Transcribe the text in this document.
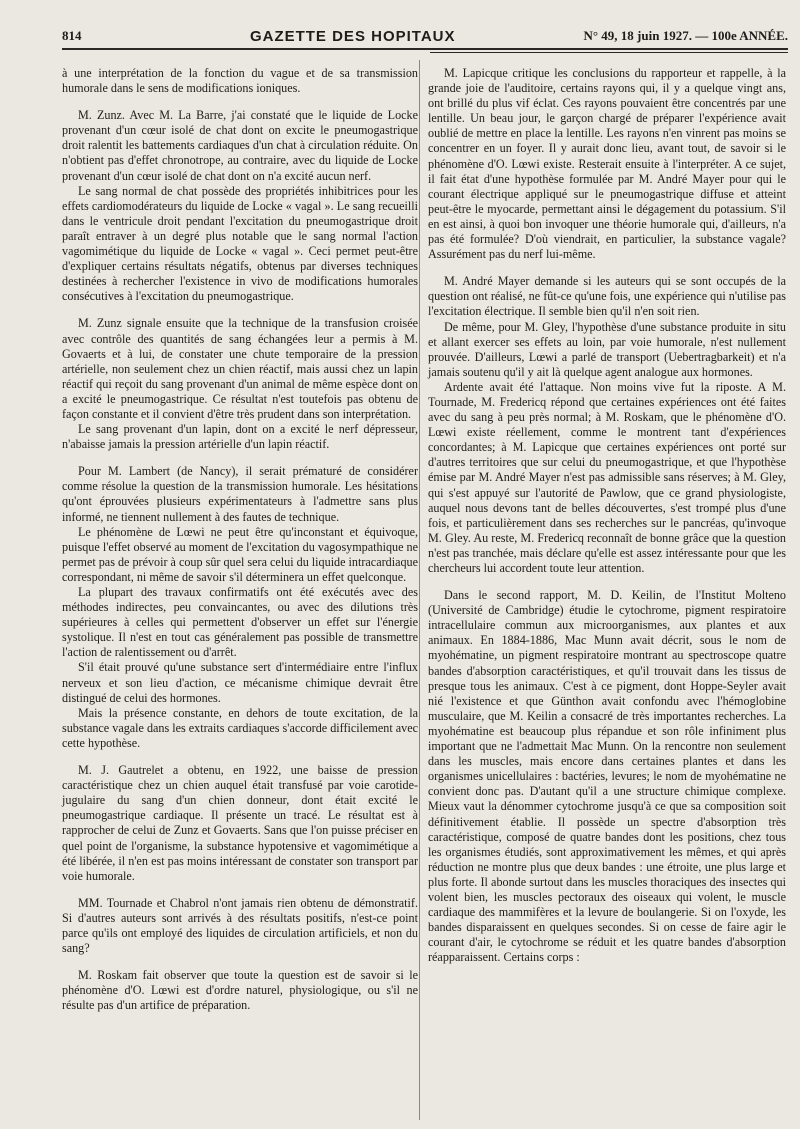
814	GAZETTE DES HOPITAUX	N° 49, 18 juin 1927. — 100e ANNÉE.

à une interprétation de la fonction du vague et de sa transmission humorale dans le sens de modifications ioniques.

M. Zunz. Avec M. La Barre, j'ai constaté que le liquide de Locke provenant d'un cœur isolé de chat dont on excite le pneumogastrique droit ralentit les battements cardiaques d'un chat à circulation réduite. On n'obtient pas d'effet chronotrope, au contraire, avec du liquide de Locke provenant d'un cœur isolé de chat dont on n'a excité aucun nerf.

Le sang normal de chat possède des propriétés inhibitrices pour les effets cardiomodérateurs du liquide de Locke « vagal ». Le sang recueilli dans le ventricule droit pendant l'excitation du pneumogastrique droit paraît entraver à un degré plus notable que le sang normal l'action vagomimétique du liquide de Locke « vagal ». Ceci permet peut-être d'expliquer certains résultats négatifs, obtenus par diverses techniques destinées à rechercher l'existence in vivo de modifications humorales consécutives à l'excitation du pneumogastrique.

M. Zunz signale ensuite que la technique de la transfusion croisée avec contrôle des quantités de sang échangées leur a permis à M. Govaerts et à lui, de constater une chute temporaire de la pression artérielle, non seulement chez un chien réactif, mais aussi chez un lapin réactif qui reçoit du sang provenant d'un animal de même espèce dont on a excité le pneumogastrique. Ce résultat n'est toutefois pas obtenu de façon constante et il convient d'être très prudent dans son interprétation.

Le sang provenant d'un lapin, dont on a excité le nerf dépresseur, n'abaisse jamais la pression artérielle d'un lapin réactif.

Pour M. Lambert (de Nancy), il serait prématuré de considérer comme résolue la question de la transmission humorale. Les hésitations qu'ont éprouvées plusieurs expérimentateurs à l'admettre sans plus informé, ne tiennent nullement à des fautes de technique.

Le phénomène de Lœwi ne peut être qu'inconstant et équivoque, puisque l'effet observé au moment de l'excitation du vagosympathique ne permet pas de prévoir à coup sûr quel sera celui du liquide intracardiaque correspondant, ni même de savoir s'il déterminera un effet quelconque.

La plupart des travaux confirmatifs ont été exécutés avec des méthodes indirectes, peu convaincantes, ou avec des dilutions très supérieures à celles qui permettent d'observer un effet sur l'énergie systolique. Il n'est en tout cas généralement pas possible de transmettre l'action de ralentissement ou d'arrêt.

S'il était prouvé qu'une substance sert d'intermédiaire entre l'influx nerveux et son lieu d'action, ce mécanisme chimique devrait être distingué de celui des hormones.

Mais la présence constante, en dehors de toute excitation, de la substance vagale dans les extraits cardiaques s'accorde difficilement avec cette hypothèse.

M. J. Gautrelet a obtenu, en 1922, une baisse de pression caractéristique chez un chien auquel était transfusé par voie carotide-jugulaire du sang d'un chien donneur, dont était excité le pneumogastrique cardiaque. Il présente un tracé. Le résultat est à rapprocher de celui de Zunz et Govaerts. Sans que l'on puisse préciser en quel point de l'organisme, la substance hypotensive et vagomimétique a été libérée, il n'en est pas moins intéressant de constater son transport par voie humorale.

MM. Tournade et Chabrol n'ont jamais rien obtenu de démonstratif. Si d'autres auteurs sont arrivés à des résultats positifs, n'est-ce point parce qu'ils ont employé des liquides de circulation artificiels, et non du sang?

M. Roskam fait observer que toute la question est de savoir si le phénomène d'O. Lœwi est d'ordre naturel, physiologique, ou s'il ne résulte pas d'un artifice de préparation.

M. Lapicque critique les conclusions du rapporteur et rappelle, à la grande joie de l'auditoire, certains rayons qui, il y a quelque vingt ans, ont brillé du plus vif éclat. Ces rayons pouvaient être concentrés par une lentille. Un beau jour, le garçon chargé de préparer l'expérience avait oublié de mettre en place la lentille. Les rayons n'en vinrent pas moins se concentrer en un foyer. Il y aurait donc lieu, avant tout, de savoir si le phénomène d'O. Lœwi existe. Resterait ensuite à l'interpréter. A ce sujet, il fait état d'une hypothèse formulée par M. André Mayer pour qui le courant électrique appliqué sur le pneumogastrique diffuse et atteint peut-être le myocarde, permettant ainsi le dégagement du potassium. S'il en est ainsi, à quoi bon invoquer une théorie humorale qui, d'ailleurs, n'a pas été formulée? D'où viendrait, en particulier, la substance vagale? Assurément pas du nerf lui-même.

M. André Mayer demande si les auteurs qui se sont occupés de la question ont réalisé, ne fût-ce qu'une fois, une expérience qui n'utilise pas l'excitation électrique. Il semble bien qu'il n'en soit rien.

De même, pour M. Gley, l'hypothèse d'une substance produite in situ et allant exercer ses effets au loin, par voie humorale, n'est nullement prouvée. D'ailleurs, Lœwi a parlé de transport (Uebertragbarkeit) et n'a jamais soutenu qu'il y ait là quelque agent analogue aux hormones.

Ardente avait été l'attaque. Non moins vive fut la riposte. A M. Tournade, M. Fredericq répond que certaines expériences ont été faites avec du sang à peu près normal; à M. Roskam, que le phénomène d'O. Lœwi existe réellement, comme le montrent tant d'expériences concordantes; à M. Lapicque que certaines expériences ont porté sur d'autres territoires que sur celui du pneumogastrique, et que l'hypothèse émise par M. André Mayer n'est pas admissible sans réserves; à M. Gley, qui s'est appuyé sur l'autorité de Pawlow, que ce grand physiologiste, auquel nous devons tant de belles découvertes, s'est trompé plus d'une fois, et particulièrement dans ses recherches sur le pancréas, qu'invoque M. Gley. Au reste, M. Fredericq reconnaît de bonne grâce que la question n'est pas tranchée, mais déclare qu'elle est assez intéressante pour que les chercheurs lui accordent toute leur attention.

Dans le second rapport, M. D. Keilin, de l'Institut Molteno (Université de Cambridge) étudie le cytochrome, pigment respiratoire intracellulaire commun aux microorganismes, aux plantes et aux animaux. En 1884-1886, Mac Munn avait décrit, sous le nom de myohématine, un pigment respiratoire montrant au spectroscope quatre bandes d'absorption caractéristiques, et qu'il trouvait dans les tissus de presque tous les animaux. C'est à ce pigment, dont Hoppe-Seyler avait nié l'existence et que Günthon avait confondu avec l'hémoglobine musculaire, que M. Keilin a consacré de très importantes recherches. La myohématine est beaucoup plus répandue et son rôle infiniment plus important que ne l'admettait Mac Munn. On la rencontre non seulement dans les muscles, mais encore dans certaines plantes et dans les organismes unicellulaires : bactéries, levures; le nom de myohématine ne convient donc pas. D'autant qu'il a une structure chimique complexe. Mieux vaut la dénommer cytochrome jusqu'à ce que sa composition soit définitivement établie. Il possède un spectre d'absorption très caractéristique, composé de quatre bandes dont les positions, chez tous les organismes étudiés, sont approximativement les mêmes, et qui après réduction ne montre plus que deux bandes : une étroite, une plus large et plus forte. Il abonde surtout dans les muscles thoraciques des insectes qui volent bien, les muscles pectoraux des oiseaux qui volent, le muscle cardiaque des mammifères et la levure de boulangerie. Si on l'oxyde, les bandes disparaissent en quelques secondes. Si on cesse de faire agir le courant d'air, le cytochrome se réduit et les quatre bandes d'absorption réapparaissent. Certains corps :
